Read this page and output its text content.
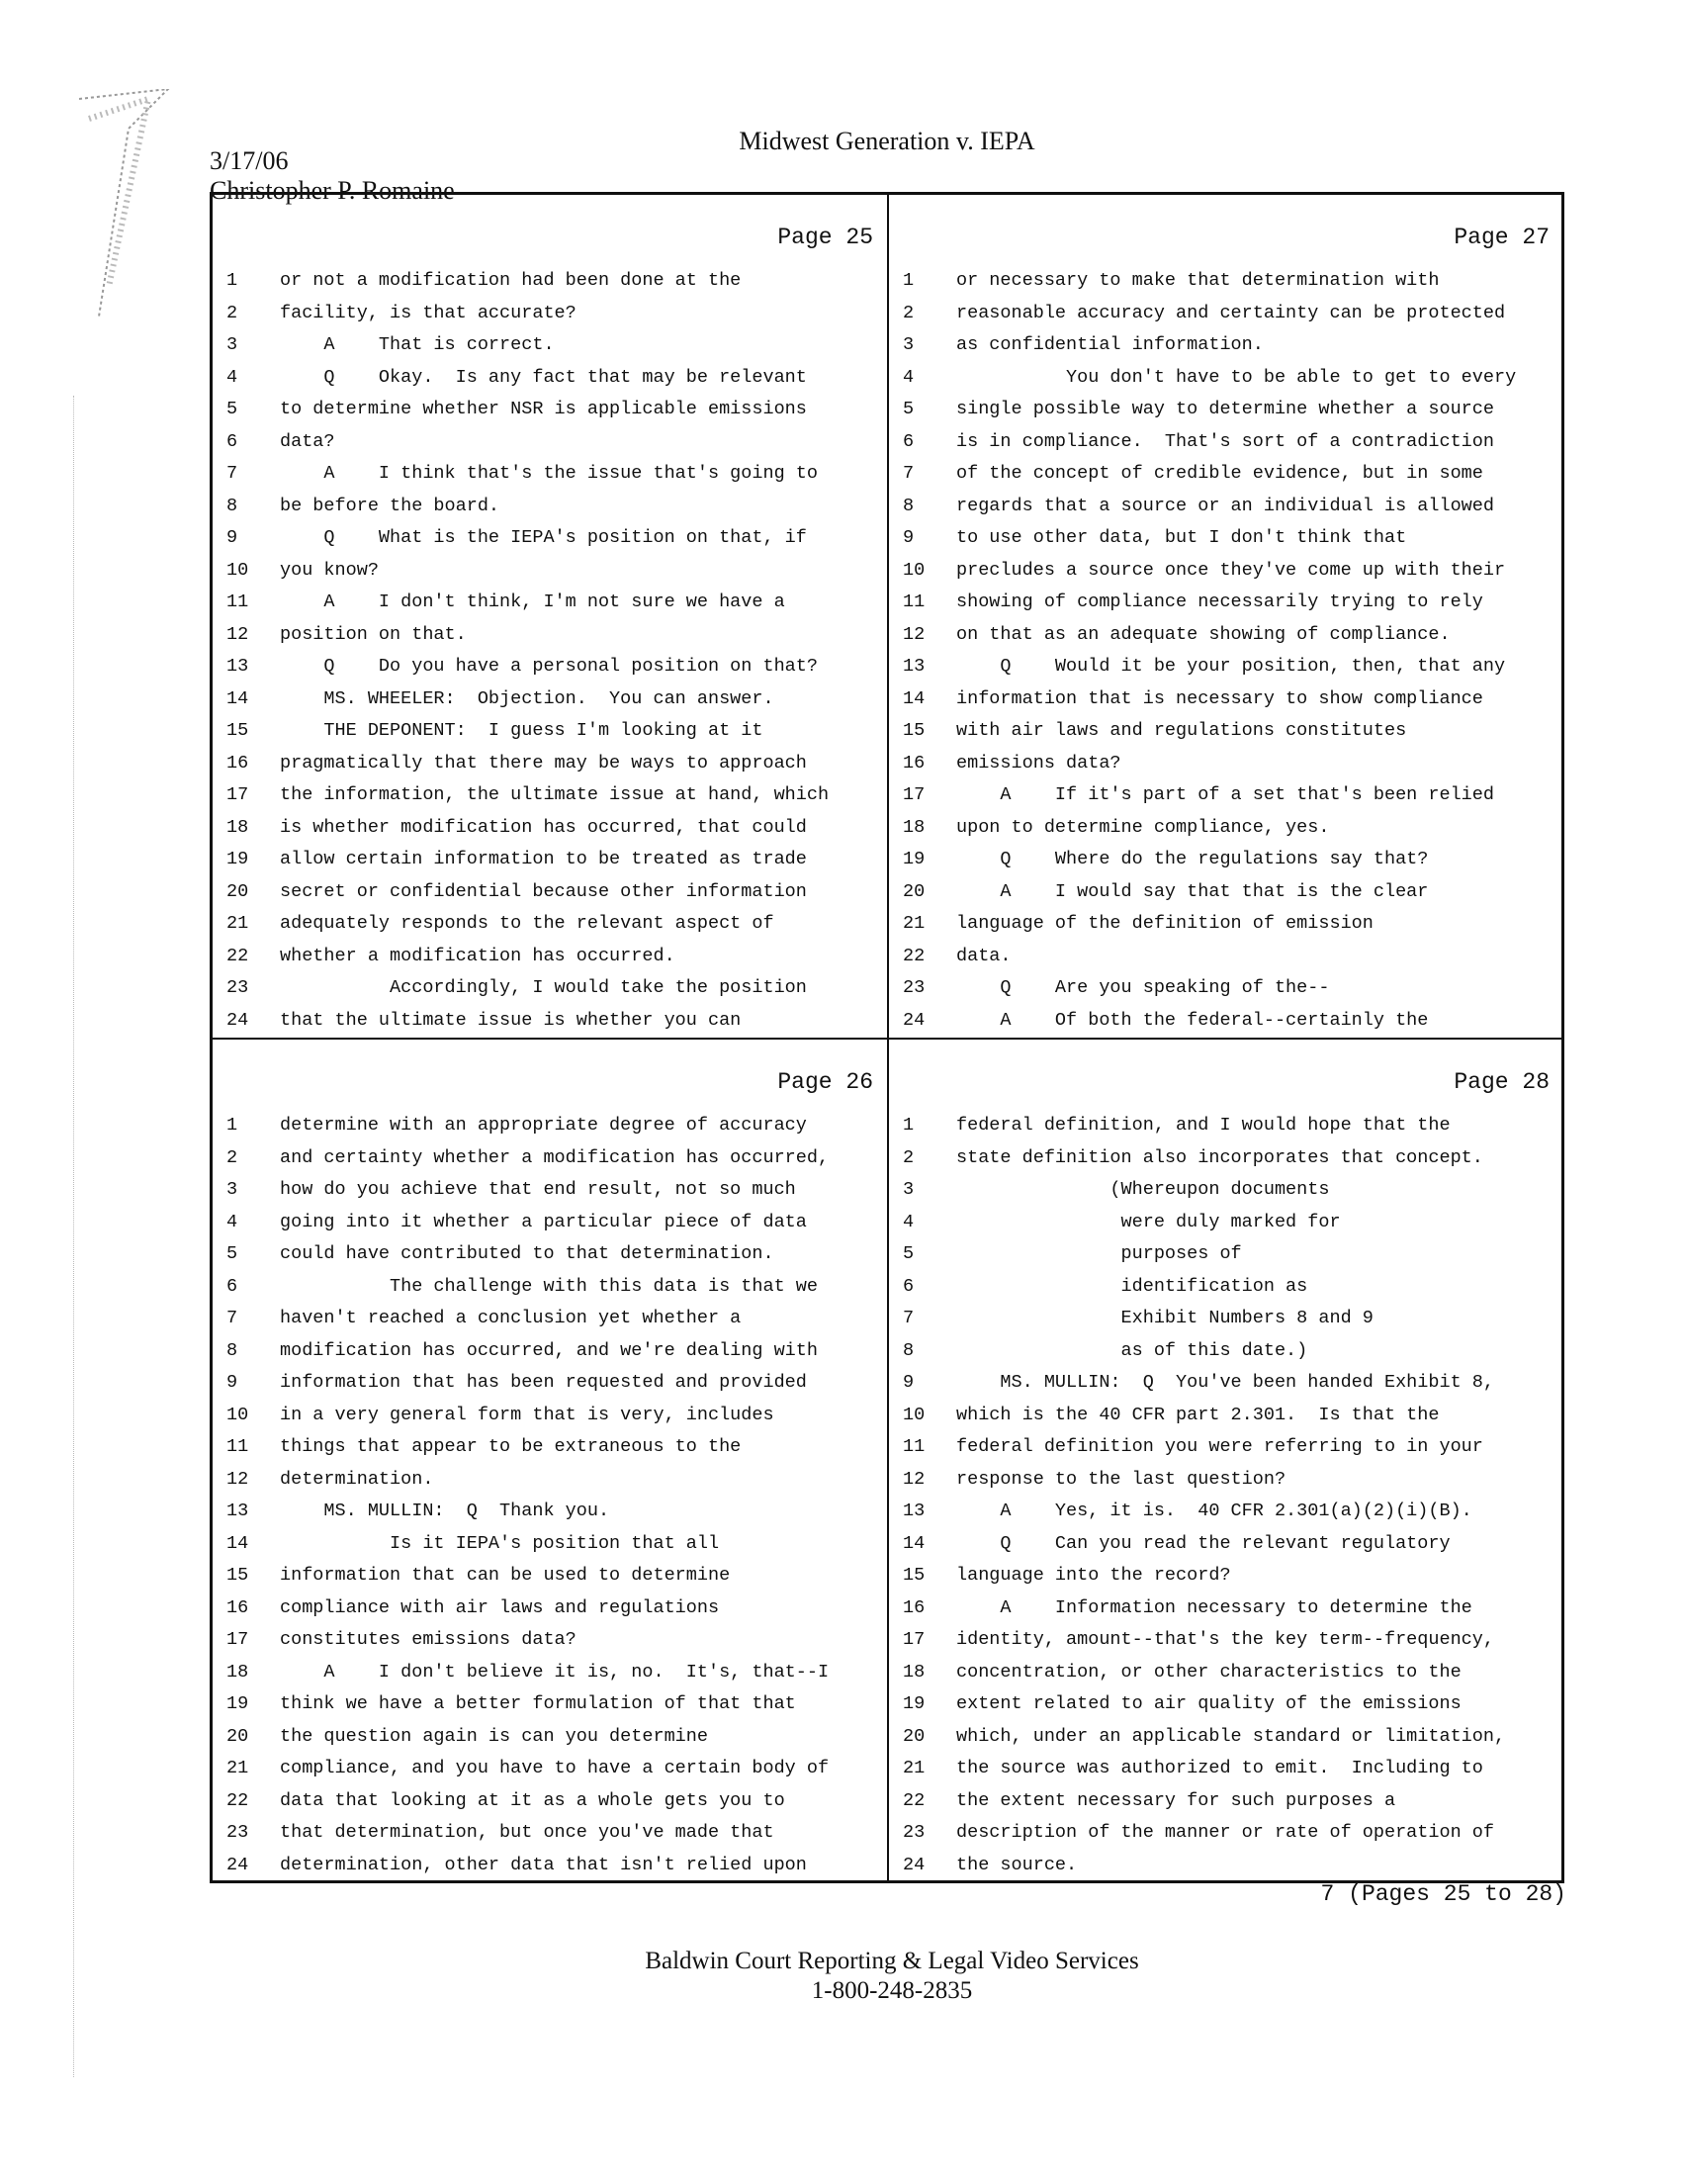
3/17/06
Christopher P. Romaine
Midwest Generation v. IEPA
Page 25
1	or not a modification had been done at the
2	facility, is that accurate?
3	A    That is correct.
4	Q    Okay.  Is any fact that may be relevant
5	to determine whether NSR is applicable emissions
6	data?
7	A    I think that's the issue that's going to
8	be before the board.
9	Q    What is the IEPA's position on that, if
10	you know?
11	A    I don't think, I'm not sure we have a
12	position on that.
13	Q    Do you have a personal position on that?
14	MS. WHEELER:  Objection.  You can answer.
15	THE DEPONENT:  I guess I'm looking at it
16	pragmatically that there may be ways to approach
17	the information, the ultimate issue at hand, which
18	is whether modification has occurred, that could
19	allow certain information to be treated as trade
20	secret or confidential because other information
21	adequately responds to the relevant aspect of
22	whether a modification has occurred.
23	Accordingly, I would take the position
24	that the ultimate issue is whether you can
Page 27
1	or necessary to make that determination with
2	reasonable accuracy and certainty can be protected
3	as confidential information.
4	You don't have to be able to get to every
5	single possible way to determine whether a source
6	is in compliance.  That's sort of a contradiction
7	of the concept of credible evidence, but in some
8	regards that a source or an individual is allowed
9	to use other data, but I don't think that
10	precludes a source once they've come up with their
11	showing of compliance necessarily trying to rely
12	on that as an adequate showing of compliance.
13	Q    Would it be your position, then, that any
14	information that is necessary to show compliance
15	with air laws and regulations constitutes
16	emissions data?
17	A    If it's part of a set that's been relied
18	upon to determine compliance, yes.
19	Q    Where do the regulations say that?
20	A    I would say that that is the clear
21	language of the definition of emission
22	data.
23	Q    Are you speaking of the--
24	A    Of both the federal--certainly the
Page 26
1	determine with an appropriate degree of accuracy
2	and certainty whether a modification has occurred,
3	how do you achieve that end result, not so much
4	going into it whether a particular piece of data
5	could have contributed to that determination.
6	The challenge with this data is that we
7	haven't reached a conclusion yet whether a
8	modification has occurred, and we're dealing with
9	information that has been requested and provided
10	in a very general form that is very, includes
11	things that appear to be extraneous to the
12	determination.
13	MS. MULLIN:  Q  Thank you.
14	Is it IEPA's position that all
15	information that can be used to determine
16	compliance with air laws and regulations
17	constitutes emissions data?
18	A    I don't believe it is, no.  It's, that--I
19	think we have a better formulation of that that
20	the question again is can you determine
21	compliance, and you have to have a certain body of
22	data that looking at it as a whole gets you to
23	that determination, but once you've made that
24	determination, other data that isn't relied upon
Page 28
1	federal definition, and I would hope that the
2	state definition also incorporates that concept.
3	(Whereupon documents
4	were duly marked for
5	purposes of
6	identification as
7	Exhibit Numbers 8 and 9
8	as of this date.)
9	MS. MULLIN:  Q  You've been handed Exhibit 8,
10	which is the 40 CFR part 2.301.  Is that the
11	federal definition you were referring to in your
12	response to the last question?
13	A    Yes, it is.  40 CFR 2.301(a)(2)(i)(B).
14	Q    Can you read the relevant regulatory
15	language into the record?
16	A    Information necessary to determine the
17	identity, amount--that's the key term--frequency,
18	concentration, or other characteristics to the
19	extent related to air quality of the emissions
20	which, under an applicable standard or limitation,
21	the source was authorized to emit.  Including to
22	the extent necessary for such purposes a
23	description of the manner or rate of operation of
24	the source.
7 (Pages 25 to 28)
Baldwin Court Reporting & Legal Video Services
1-800-248-2835
